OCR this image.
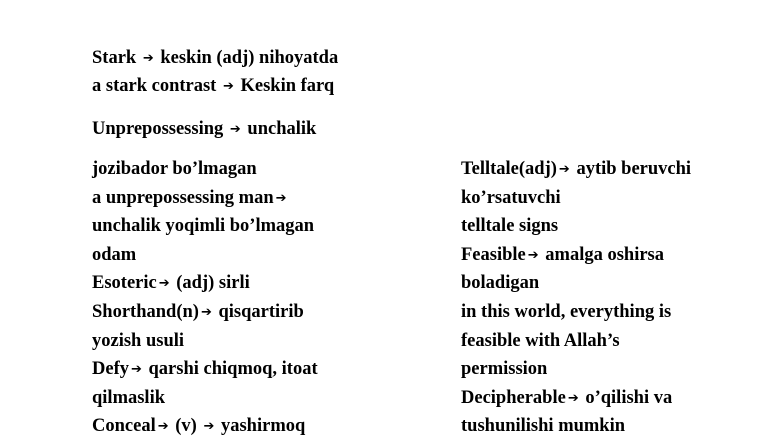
Stark ➔ keskin (adj) nihoyatda
a stark contrast ➔ Keskin farq
Unprepossessing ➔ unchalik
jozibador bo’lmagan
a unprepossessing man ➔
unchalik yoqimli bo’lmagan
odam
Esoteric ➔ (adj) sirli
Shorthand(n) ➔ qisqartirib
yozish usuli
Defy ➔ qarshi chiqmoq, itoat
qilmaslik
Conceal ➔ (v) ➔ yashirmoq
Telltale(adj) ➔ aytib beruvchi
ko’rsatuvchi
telltale signs
Feasible ➔ amalga oshirsa
boladigan
in this world, everything is
feasible with Allah’s
permission
Decipherable ➔ o’qilishi va
tushunilishi mumkin
